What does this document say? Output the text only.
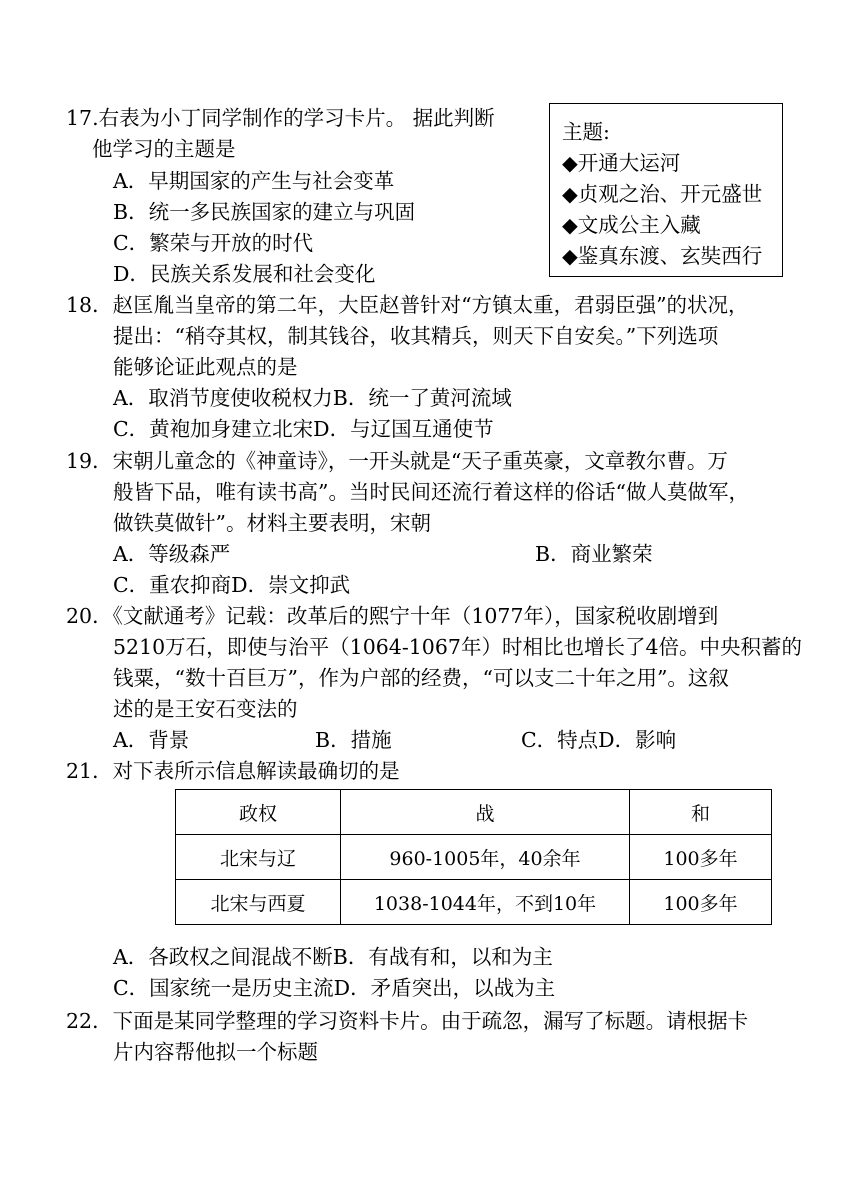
17.右表为小丁同学制作的学习卡片。 据此判断
他学习的主题是
A．早期国家的产生与社会变革
B．统一多民族国家的建立与巩固
C．繁荣与开放的时代
D．民族关系发展和社会变化
主题:
◆开通大运河
◆贞观之治、开元盛世
◆文成公主入藏
◆鉴真东渡、玄奘西行
18．赵匡胤当皇帝的第二年，大臣赵普针对“方镇太重，君弱臣强”的状况，
提出：“稍夺其权，制其钱谷，收其精兵，则天下自安矣。”下列选项
能够论证此观点的是
A．取消节度使收税权力B．统一了黄河流域
C．黄袍加身建立北宋D．与辽国互通使节
19．宋朝儿童念的《神童诗》，一开头就是“天子重英豪，文章教尔曹。万
般皆下品，唯有读书高”。当时民间还流行着这样的俗话“做人莫做军，
做铁莫做针”。材料主要表明，宋朝
A．等级森严	B．商业繁荣
C．重农抑商D．崇文抑武
20．《文献通考》记载：改革后的熙宁十年（1077年），国家税收剧增到
5210万石，即使与治平（1064-1067年）时相比也增长了4倍。中央积蓄的
钱粟，“数十百巨万”，作为户部的经费，“可以支二十年之用”。这叙
述的是王安石变法的
A．背景	B．措施	C．特点D．影响
21．对下表所示信息解读最确切的是
政权	战	和
北宋与辽	960-1005年，40余年	100多年
北宋与西夏	1038-1044年，不到10年	100多年
A．各政权之间混战不断B．有战有和，以和为主
C．国家统一是历史主流D．矛盾突出，以战为主
22．下面是某同学整理的学习资料卡片。由于疏忽，漏写了标题。请根据卡
片内容帮他拟一个标题
